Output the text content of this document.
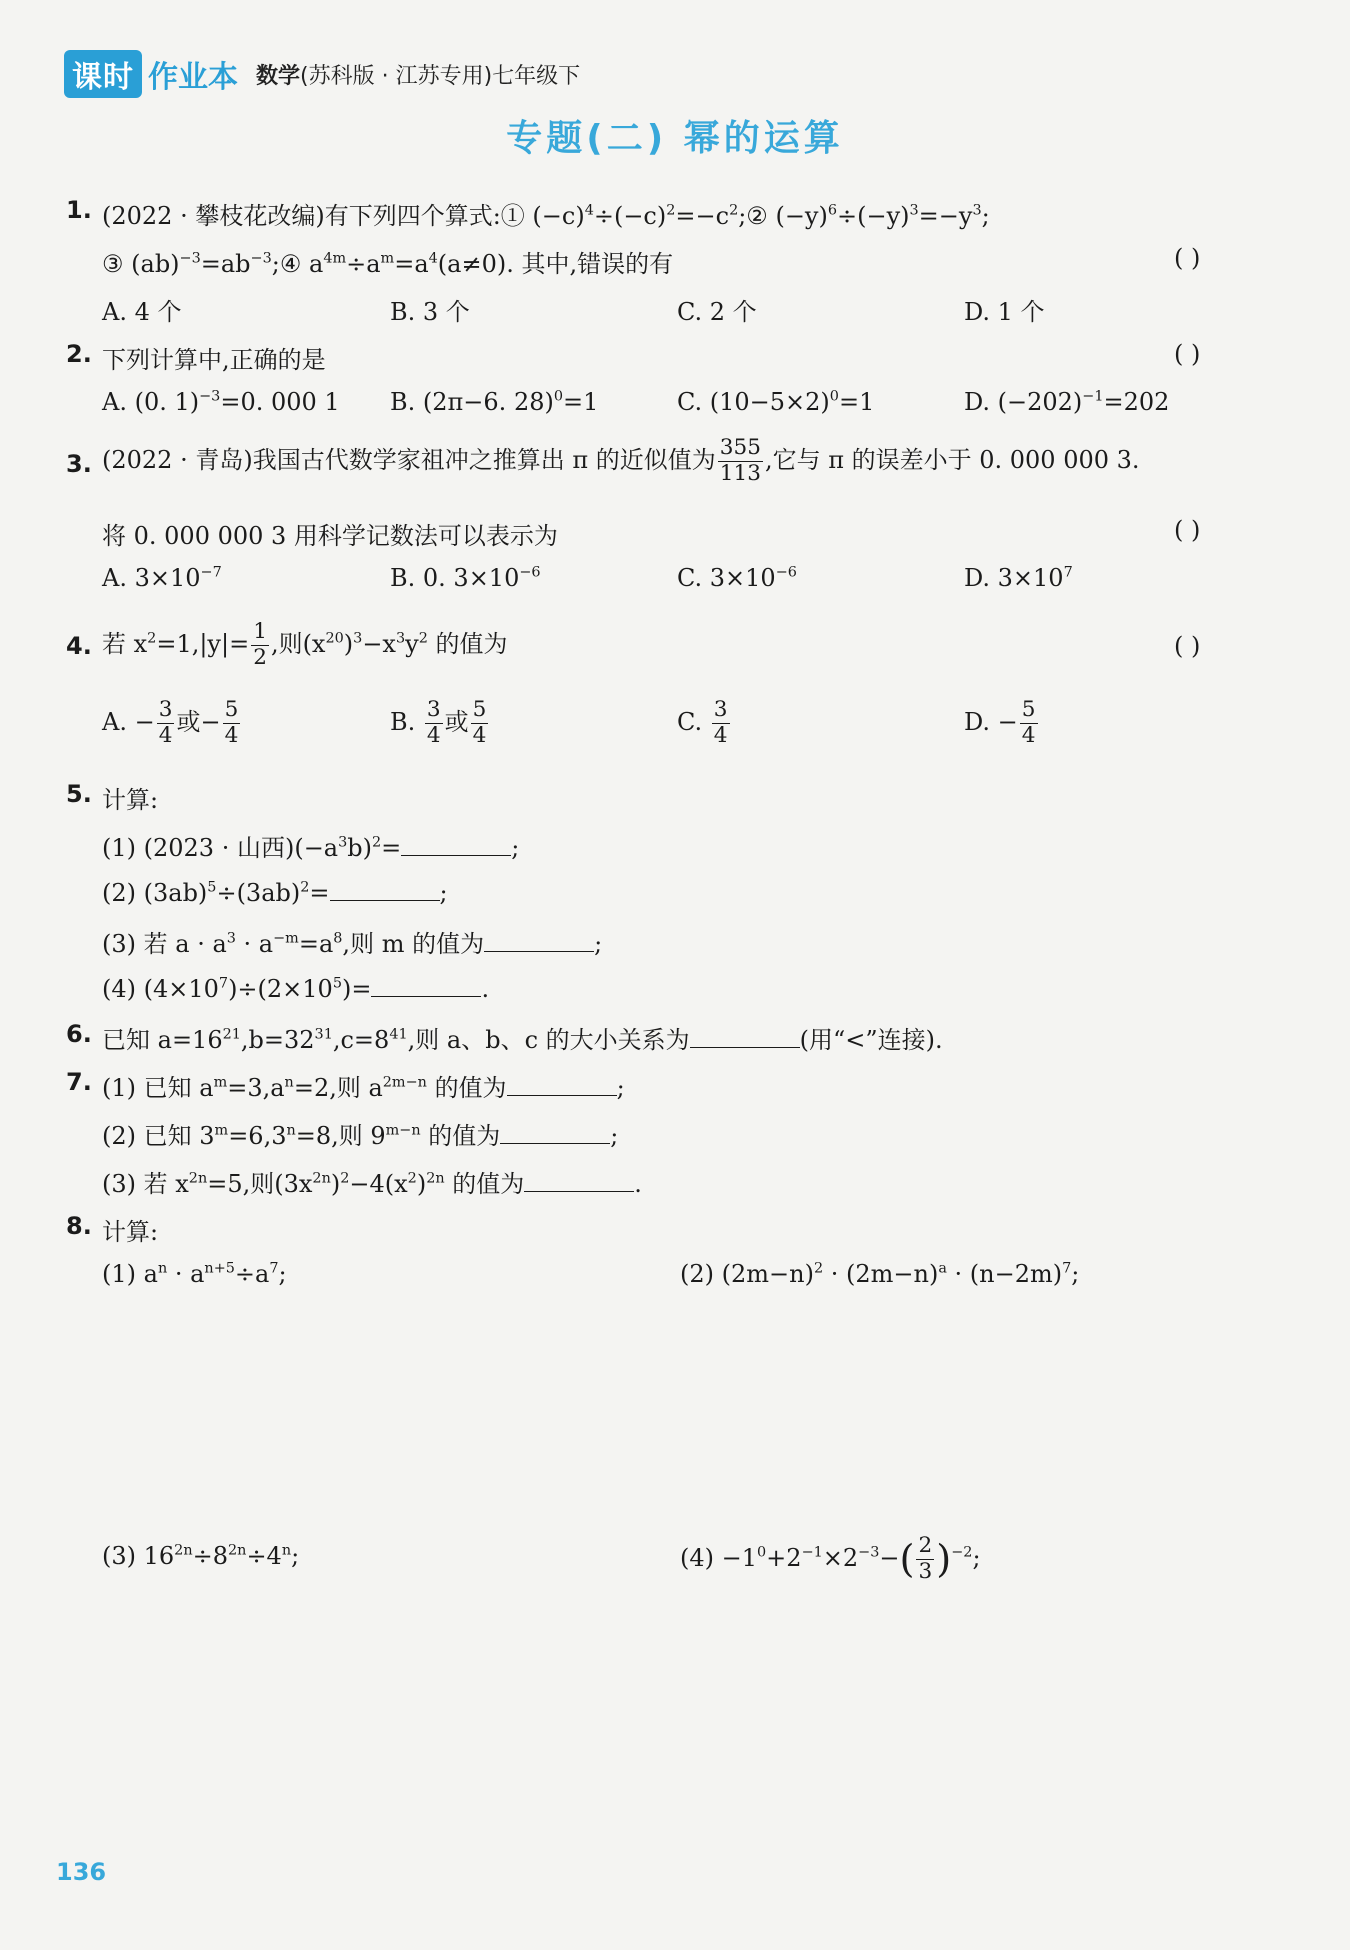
课时 作业本 数学(苏科版 · 江苏专用)七年级下
专题(二) 幂的运算
1. (2022 · 攀枝花改编)有下列四个算式:① $(-c)^4\div(-c)^2=-c^2;②$ $(-y)^6\div(-y)^3=-y^3$;
③ $(ab)^{-3}=ab^{-3};④$ $a^{4m}\div a^m=a^4(a\ne 0)$. 其中,错误的有	( )
A. 4 个	B. 3 个	C. 2 个	D. 1 个
2. 下列计算中,正确的是	( )
A. (0. 1)$^{-3}$=0. 000 1 B. (2π−6. 28)$^0$=1	C. $(10-5\times 2)^0=1$	D. $(-202)^{-1}=202$
3. (2022 · 青岛)我国古代数学家祖冲之推算出 π 的近似值为 $\frac{355}{113}$ ,它与 π 的误差小于 0. 000 000 3.
将 0. 000 000 3 用科学记数法可以表示为	( )
A. $3\times 10^{-7}$	B. 0. $3\times 10^{-6}$	C. $3\times 10^{-6}$	D. $3\times 10^7$
4. 若 $x^2=1,|y|= \frac{1}{2}$ ,则$(x^{20})^3-x^3y^2$ 的值为	( )
A. − $\frac{3}{4}$ 或− $\frac{5}{4}$	B. $\frac{3}{4}$ 或 $\frac{5}{4}$	C. $\frac{3}{4}$	D. − $\frac{5}{4}$
5. 计算:
(1) (2023 · 山西)$(-a^3b)^2=$	;
(2) $(3ab)^5\div(3ab)^2=$	;
(3) 若 $a \cdot a^3 \cdot a^{-m}=a^8$,则 m 的值为	;
(4) $(4\times 10^7)\div(2\times 10^5)=$	.
6. 已知 $a=16^{21},b=32^{31},c=8^{41}$,则 a、b、c 的大小关系为	(用“<”连接).
7. (1) 已知 $a^m=3,a^n=2$,则 $a^{2m-n}$ 的值为	;
(2) 已知 $3^m=6,3^n=8$,则 $9^{m-n}$ 的值为	;
(3) 若 $x^{2n}=5$,则$(3x^{2n})^2-4(x^2)^{2n}$ 的值为	.
8. 计算:
(1) $a^n \cdot a^{n+5}\div a^7$;	(2) $(2m-n)^2 \cdot (2m-n)^a \cdot (n-2m)^7$;
(3) $16^{2n}\div 8^{2n}\div 4^n$;	$(4) -1^0+2^{-1}\times 2^{-3}-( \frac{2}{3} )^{-2}$;
136
